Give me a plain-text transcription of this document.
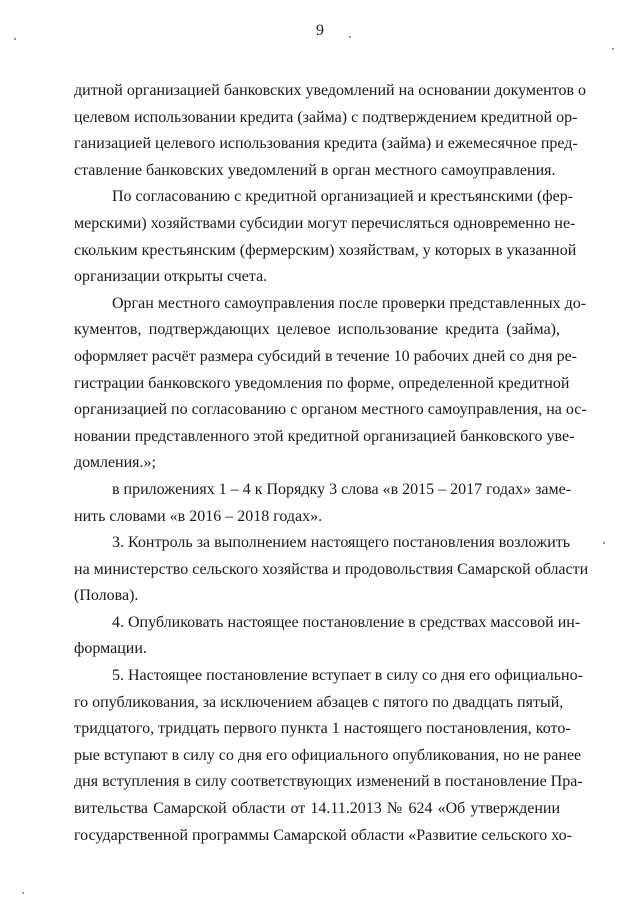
9
дитной организацией банковских уведомлений на основании документов о
целевом использовании кредита (займа) с подтверждением кредитной ор-
ганизацией целевого использования кредита (займа) и ежемесячное пред-
ставление банковских уведомлений в орган местного самоуправления.
По согласованию с кредитной организацией и крестьянскими (фер-
мерскими) хозяйствами субсидии могут перечисляться одновременно не-
скольким крестьянским (фермерским) хозяйствам, у которых в указанной
организации открыты счета.
Орган местного самоуправления после проверки представленных до-
кументов, подтверждающих целевое использование кредита (займа),
оформляет расчёт размера субсидий в течение 10 рабочих дней со дня ре-
гистрации банковского уведомления по форме, определенной кредитной
организацией по согласованию с органом местного самоуправления, на ос-
новании представленного этой кредитной организацией банковского уве-
домления.»;
в приложениях 1 – 4 к Порядку 3 слова «в 2015 – 2017 годах» заме-
нить словами «в 2016 – 2018 годах».
3. Контроль за выполнением настоящего постановления возложить
на министерство сельского хозяйства и продовольствия Самарской области
(Полова).
4. Опубликовать настоящее постановление в средствах массовой ин-
формации.
5. Настоящее постановление вступает в силу со дня его официально-
го опубликования, за исключением абзацев с пятого по двадцать пятый,
тридцатого, тридцать первого пункта 1 настоящего постановления, кото-
рые вступают в силу со дня его официального опубликования, но не ранее
дня вступления в силу соответствующих изменений в постановление Пра-
вительства Самарской области от 14.11.2013 № 624 «Об утверждении
государственной программы Самарской области «Развитие сельского хо-
